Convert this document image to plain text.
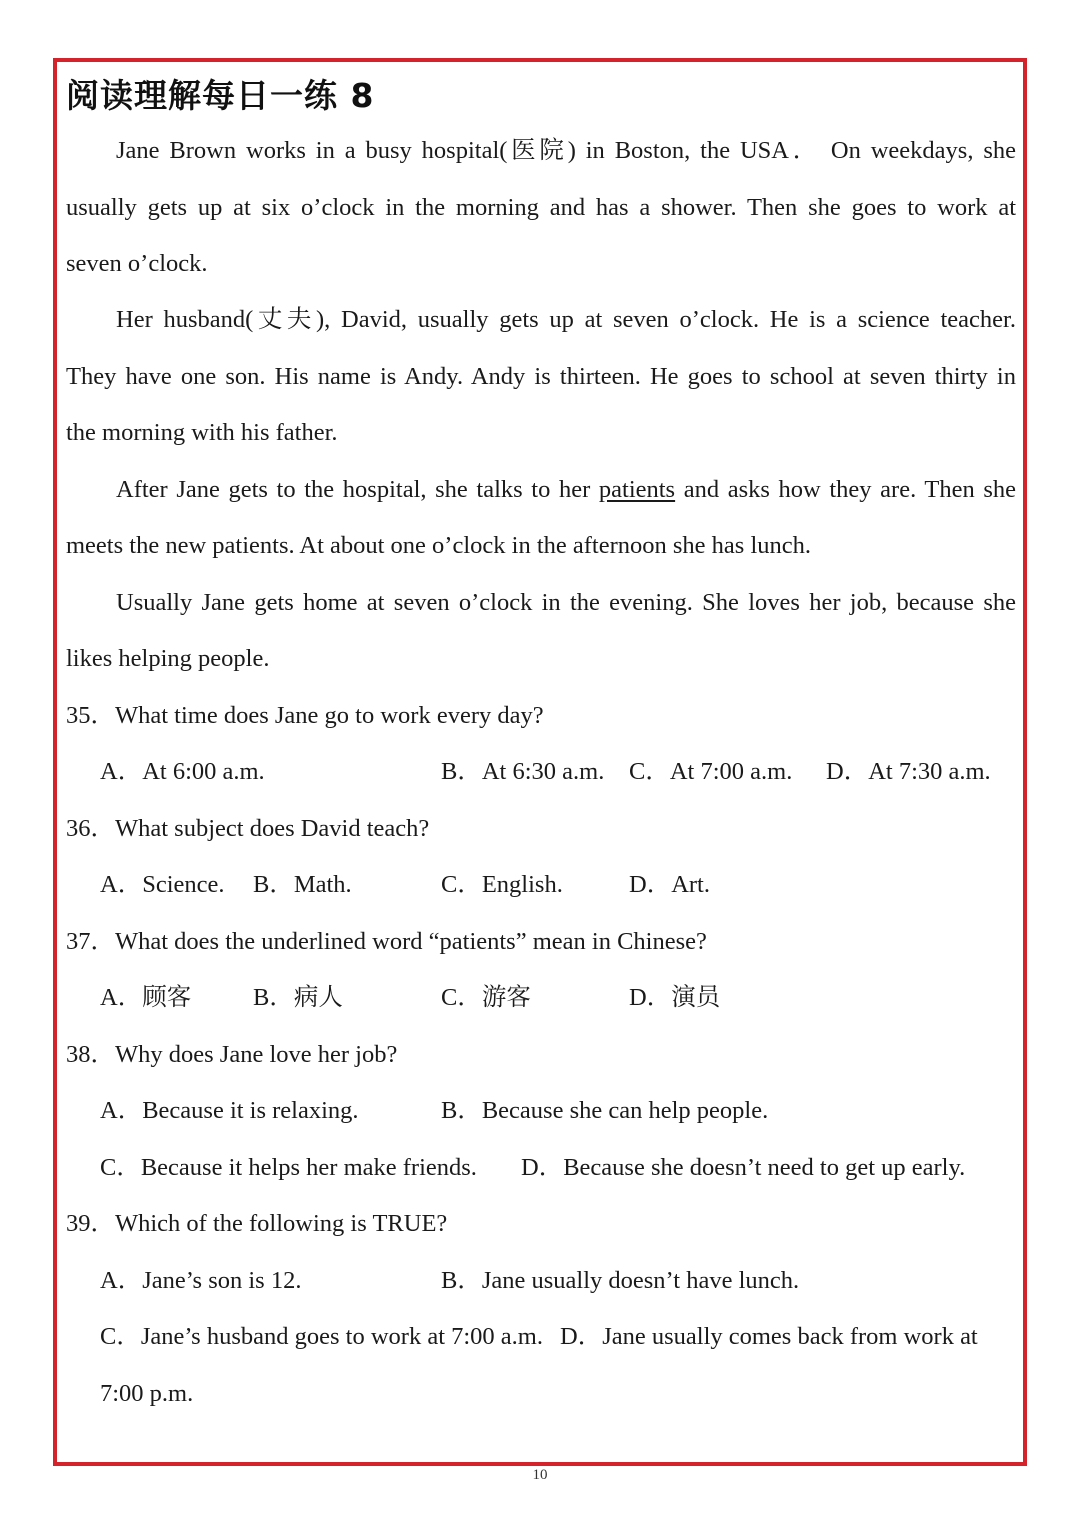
阅读理解每日一练 8
Jane Brown works in a busy hospital(医院) in Boston, the USA． On weekdays, she
usually gets up at six o’clock in the morning and has a shower. Then she goes to work at
seven o’clock.
Her husband(丈夫), David, usually gets up at seven o’clock. He is a science teacher.
They have one son. His name is Andy. Andy is thirteen. He goes to school at seven thirty in
the morning with his father.
After Jane gets to the hospital, she talks to her patients and asks how they are. Then she
meets the new patients. At about one o’clock in the afternoon she has lunch.
Usually Jane gets home at seven o’clock in the evening. She loves her job, because she
likes helping people.
35．What time does Jane go to work every day?
A．At 6:00 a.m.	B．At 6:30 a.m. C．At 7:00 a.m. D．At 7:30 a.m.
36．What subject does David teach?
A．Science. B．Math.	C．English.	D．Art.
37．What does the underlined word “patients” mean in Chinese?
A．顾客	B．病人	C．游客	D．演员
38．Why does Jane love her job?
A．Because it is relaxing.	B．Because she can help people.
C．Because it helps her make friends. D．Because she doesn’t need to get up early.
39．Which of the following is TRUE?
A．Jane’s son is 12.	B．Jane usually doesn’t have lunch.
C．Jane’s husband goes to work at 7:00 a.m. D．Jane usually comes back from work at
7:00 p.m.
10
